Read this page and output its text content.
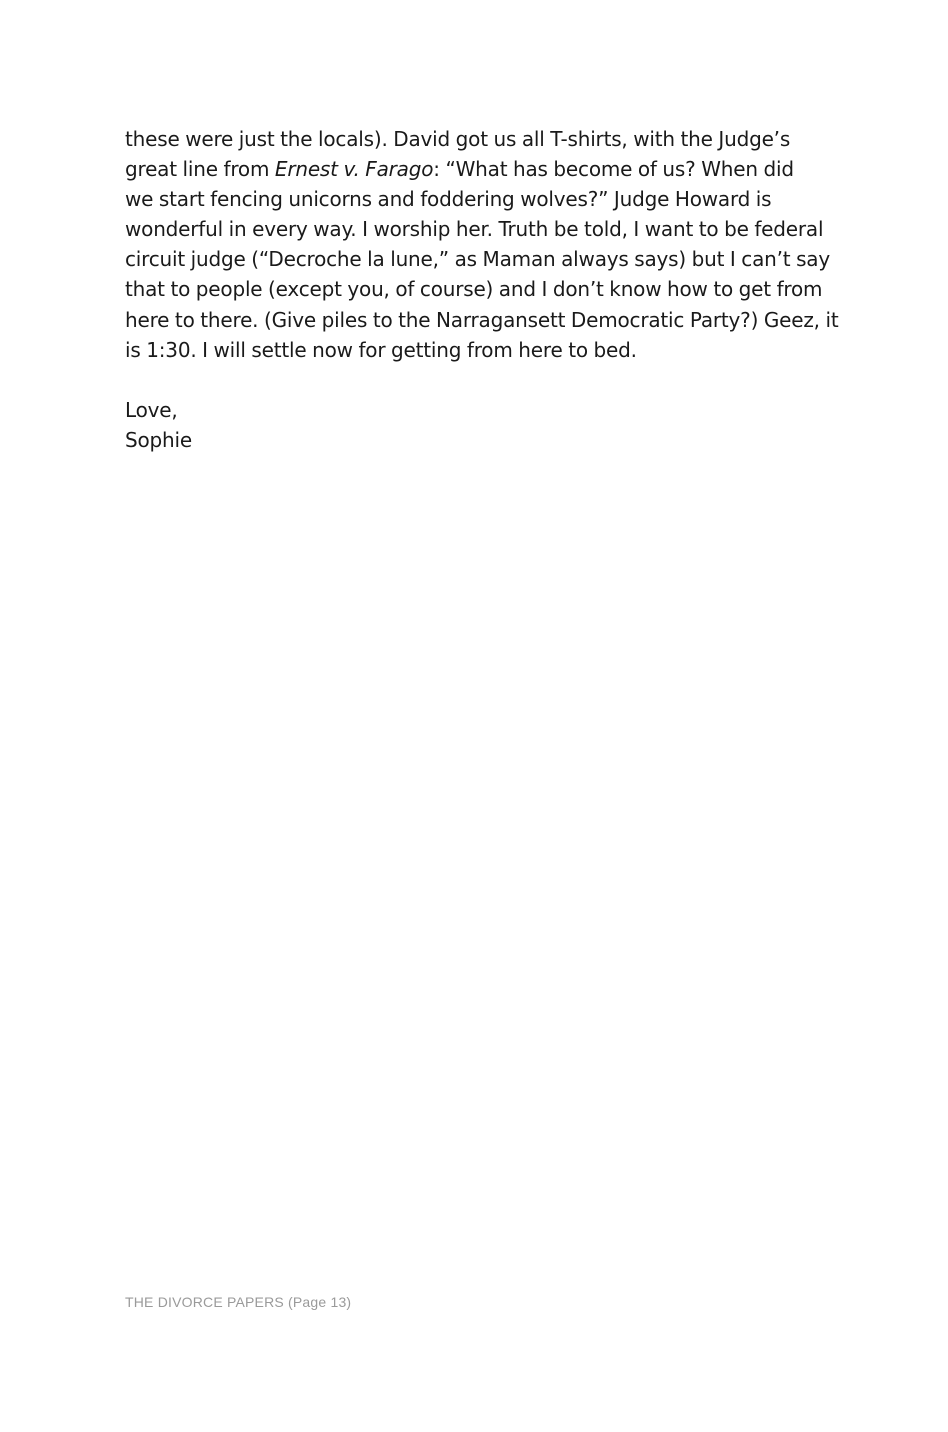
these were just the locals). David got us all T-shirts, with the Judge’s
great line from Ernest v. Farago: “What has become of us? When did
we start fencing unicorns and foddering wolves?” Judge Howard is
wonderful in every way. I worship her. Truth be told, I want to be federal
circuit judge (“Decroche la lune,” as Maman always says) but I can’t say
that to people (except you, of course) and I don’t know how to get from
here to there. (Give piles to the Narragansett Democratic Party?) Geez, it
is 1:30. I will settle now for getting from here to bed.
Love,
Sophie
THE DIVORCE PAPERS (Page 13)
